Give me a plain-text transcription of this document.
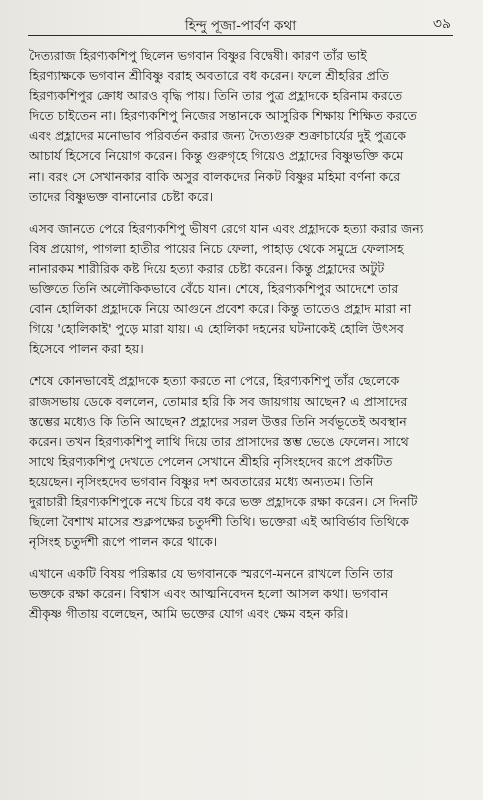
হিন্দু পূজা-পার্বণ কথা	৩৯
দৈত্যরাজ হিরণ্যকশিপু ছিলেন ভগবান বিষ্ণুর বিদ্বেষী। কারণ তাঁর ভাই
হিরণ্যাক্ষকে ভগবান শ্রীবিষ্ণু বরাহ অবতারে বধ করেন। ফলে শ্রীহরির প্রতি
হিরণ্যকশিপুর ক্রোধ আরও বৃদ্ধি পায়। তিনি তার পুত্র প্রহ্লাদকে হরিনাম করতে
দিতে চাইতেন না। হিরণ্যকশিপু নিজের সন্তানকে আসুরিক শিক্ষায় শিক্ষিত করতে
এবং প্রহ্লাদের মনোভাব পরিবর্তন করার জন্য দৈত্যগুরু শুক্রাচার্যের দুই পুত্রকে
আচার্য হিসেবে নিয়োগ করেন। কিন্তু গুরুগৃহে গিয়েও প্রহ্লাদের বিষ্ণুভক্তি কমে
না। বরং সে সেখানকার বাকি অসুর বালকদের নিকট বিষ্ণুর মহিমা বর্ণনা করে
তাদের বিষ্ণুভক্ত বানানোর চেষ্টা করে।
এসব জানতে পেরে হিরণ্যকশিপু ভীষণ রেগে যান এবং প্রহ্লাদকে হত্যা করার জন্য
বিষ প্রয়োগ, পাগলা হাতীর পায়ের নিচে ফেলা, পাহাড় থেকে সমুদ্রে ফেলাসহ
নানারকম শারীরিক কষ্ট দিয়ে হত্যা করার চেষ্টা করেন। কিন্তু প্রহ্লাদের অটুট
ভক্তিতে তিনি অলৌকিকভাবে বেঁচে যান। শেষে, হিরণ্যকশিপুর আদেশে তার
বোন হোলিকা প্রহ্লাদকে নিয়ে আগুনে প্রবেশ করে। কিন্তু তাতেও প্রহ্লাদ মারা না
গিয়ে 'হোলিকাই' পুড়ে মারা যায়। এ হোলিকা দহনের ঘটনাকেই হোলি উৎসব
হিসেবে পালন করা হয়।
শেষে কোনভাবেই প্রহ্লাদকে হত্যা করতে না পেরে, হিরণ্যকশিপু তাঁর ছেলেকে
রাজসভায় ডেকে বললেন, তোমার হরি কি সব জায়গায় আছেন? এ প্রাসাদের
স্তম্ভের মধ্যেও কি তিনি আছেন? প্রহ্লাদের সরল উত্তর তিনি সর্বভূতেই অবস্থান
করেন। তখন হিরণ্যকশিপু লাথি দিয়ে তার প্রাসাদের স্তম্ভ ভেঙে ফেলেন। সাথে
সাথে হিরণ্যকশিপু দেখতে পেলেন সেখানে শ্রীহরি নৃসিংহদেব রূপে প্রকটিত
হয়েছেন। নৃসিংহদেব ভগবান বিষ্ণুর দশ অবতারের মধ্যে অন্যতম। তিনি
দুরাচারী হিরণ্যকশিপুকে নখে চিরে বধ করে ভক্ত প্রহ্লাদকে রক্ষা করেন। সে দিনটি
ছিলো বৈশাখ মাসের শুক্লপক্ষের চতুর্দশী তিথি। ভক্তেরা এই আবির্ভাব তিথিকে
নৃসিংহ চতুর্দশী রূপে পালন করে থাকে।
এখানে একটি বিষয় পরিষ্কার যে ভগবানকে স্মরণে-মননে রাখলে তিনি তার
ভক্তকে রক্ষা করেন। বিশ্বাস এবং আত্মনিবেদন হলো আসল কথা। ভগবান
শ্রীকৃষ্ণ গীতায় বলেছেন, আমি ভক্তের যোগ এবং ক্ষেম বহন করি।
